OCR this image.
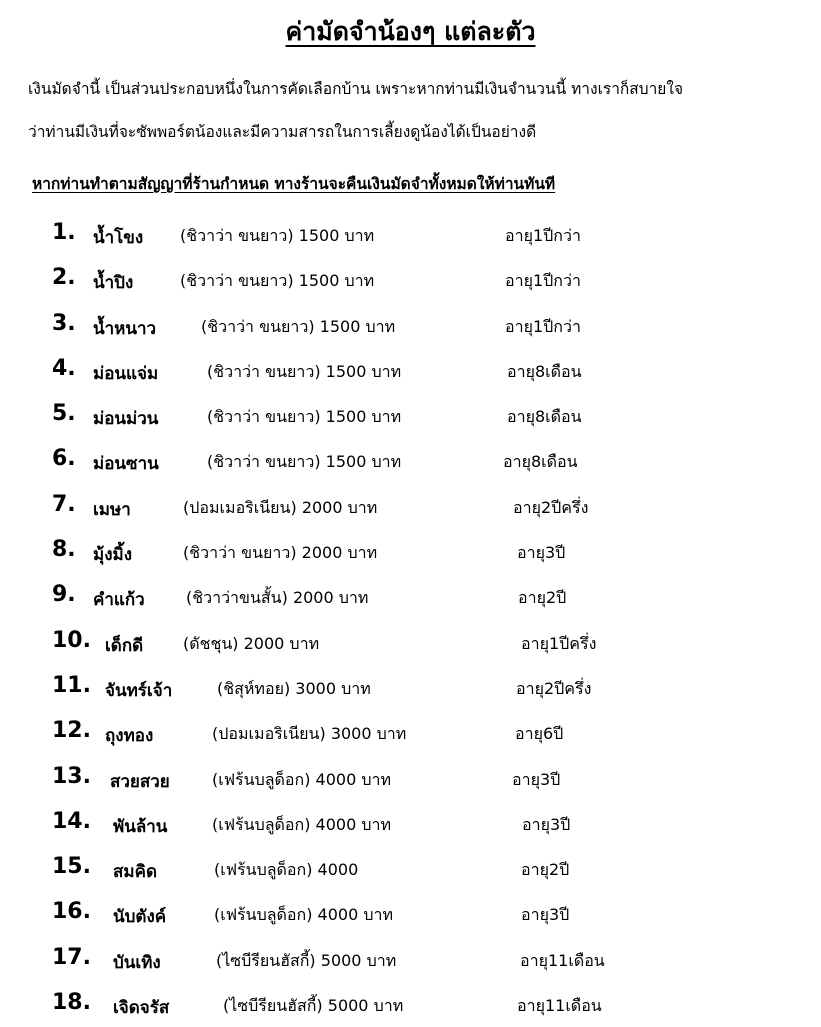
ค่ามัดจำน้องๆ แต่ละตัว
เงินมัดจำนี้ เป็นส่วนประกอบหนึ่งในการคัดเลือกบ้าน เพราะหากท่านมีเงินจำนวนนี้ ทางเราก็สบายใจ
ว่าท่านมีเงินที่จะซัพพอร์ตน้องและมีความสารถในการเลี้ยงดูน้องได้เป็นอย่างดี
หากท่านทำตามสัญญาที่ร้านกำหนด ทางร้านจะคืนเงินมัดจำทั้งหมดให้ท่านทันที
1. น้ำโขง (ชิวาว่า ขนยาว) 1500 บาท	อายุ1ปีกว่า
2. น้ำปิง	(ชิวาว่า ขนยาว) 1500 บาท	อายุ1ปีกว่า
3. น้ำหนาว	(ชิวาว่า ขนยาว) 1500 บาท	อายุ1ปีกว่า
4. ม่อนแจ่ม	(ชิวาว่า ขนยาว) 1500 บาท	อายุ8เดือน
5. ม่อนม่วน	(ชิวาว่า ขนยาว) 1500 บาท	อายุ8เดือน
6. ม่อนซาน	(ชิวาว่า ขนยาว) 1500 บาท	อายุ8เดือน
7. เมษา	(ปอมเมอริเนียน) 2000 บาท	อายุ2ปีครึ่ง
8. มุ้งมิ้ง	(ชิวาว่า ขนยาว) 2000 บาท	อายุ3ปี
9. คำแก้ว	(ชิวาว่าขนสั้น) 2000 บาท	อายุ2ปี
10. เด็กดี (ดัชชุน) 2000 บาท	อายุ1ปีครึ่ง
11. จันทร์เจ้า	(ชิสุห์ทอย) 3000 บาท	อายุ2ปีครึ่ง
12. ถุงทอง	(ปอมเมอริเนียน) 3000 บาท	อายุ6ปี
13. สวยสวย	(เฟร้นบลูด็อก) 4000 บาท	อายุ3ปี
14. พันล้าน	(เฟร้นบลูด็อก) 4000 บาท	อายุ3ปี
15. สมคิด	(เฟร้นบลูด็อก) 4000	อายุ2ปี
16. นับตังค์	(เฟร้นบลูด็อก) 4000 บาท	อายุ3ปี
17. บันเทิง	(ไซบีรียนฮัสกี้) 5000 บาท	อายุ11เดือน
18. เจิดจรัส	(ไซบีรียนฮัสกี้) 5000 บาท	อายุ11เดือน
